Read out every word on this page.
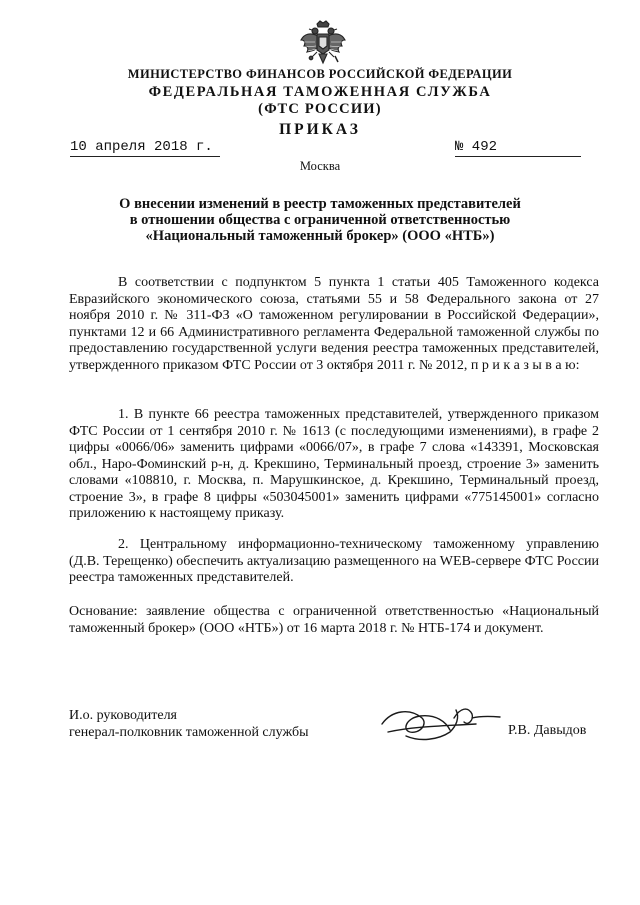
МИНИСТЕРСТВО ФИНАНСОВ РОССИЙСКОЙ ФЕДЕРАЦИИ
ФЕДЕРАЛЬНАЯ ТАМОЖЕННАЯ СЛУЖБА
(ФТС РОССИИ)
ПРИКАЗ
10 апреля 2018 г.	№ 492
Москва
О внесении изменений в реестр таможенных представителей
в отношении общества с ограниченной ответственностью
«Национальный таможенный брокер» (ООО «НТБ»)

В соответствии с подпунктом 5 пункта 1 статьи 405 Таможенного кодекса Евразийского экономического союза, статьями 55 и 58 Федерального закона от 27 ноября 2010 г. № 311-ФЗ «О таможенном регулировании в Российской Федерации», пунктами 12 и 66 Административного регламента Федеральной таможенной службы по предоставлению государственной услуги ведения реестра таможенных представителей, утвержденного приказом ФТС России от 3 октября 2011 г. № 2012, п р и к а з ы в а ю:

1. В пункте 66 реестра таможенных представителей, утвержденного приказом ФТС России от 1 сентября 2010 г. № 1613 (с последующими изменениями), в графе 2 цифры «0066/06» заменить цифрами «0066/07», в графе 7 слова «143391, Московская обл., Наро-Фоминский р-н, д. Крекшино, Терминальный проезд, строение 3» заменить словами «108810, г. Москва, п. Марушкинское, д. Крекшино, Терминальный проезд, строение 3», в графе 8 цифры «503045001» заменить цифрами «775145001» согласно приложению к настоящему приказу.

2. Центральному информационно-техническому таможенному управлению (Д.В. Терещенко) обеспечить актуализацию размещенного на WEB-сервере ФТС России реестра таможенных представителей.

Основание: заявление общества с ограниченной ответственностью «Национальный таможенный брокер» (ООО «НТБ») от 16 марта 2018 г. № НТБ-174 и документ.

И.о. руководителя
генерал-полковник таможенной службы	Р.В. Давыдов
